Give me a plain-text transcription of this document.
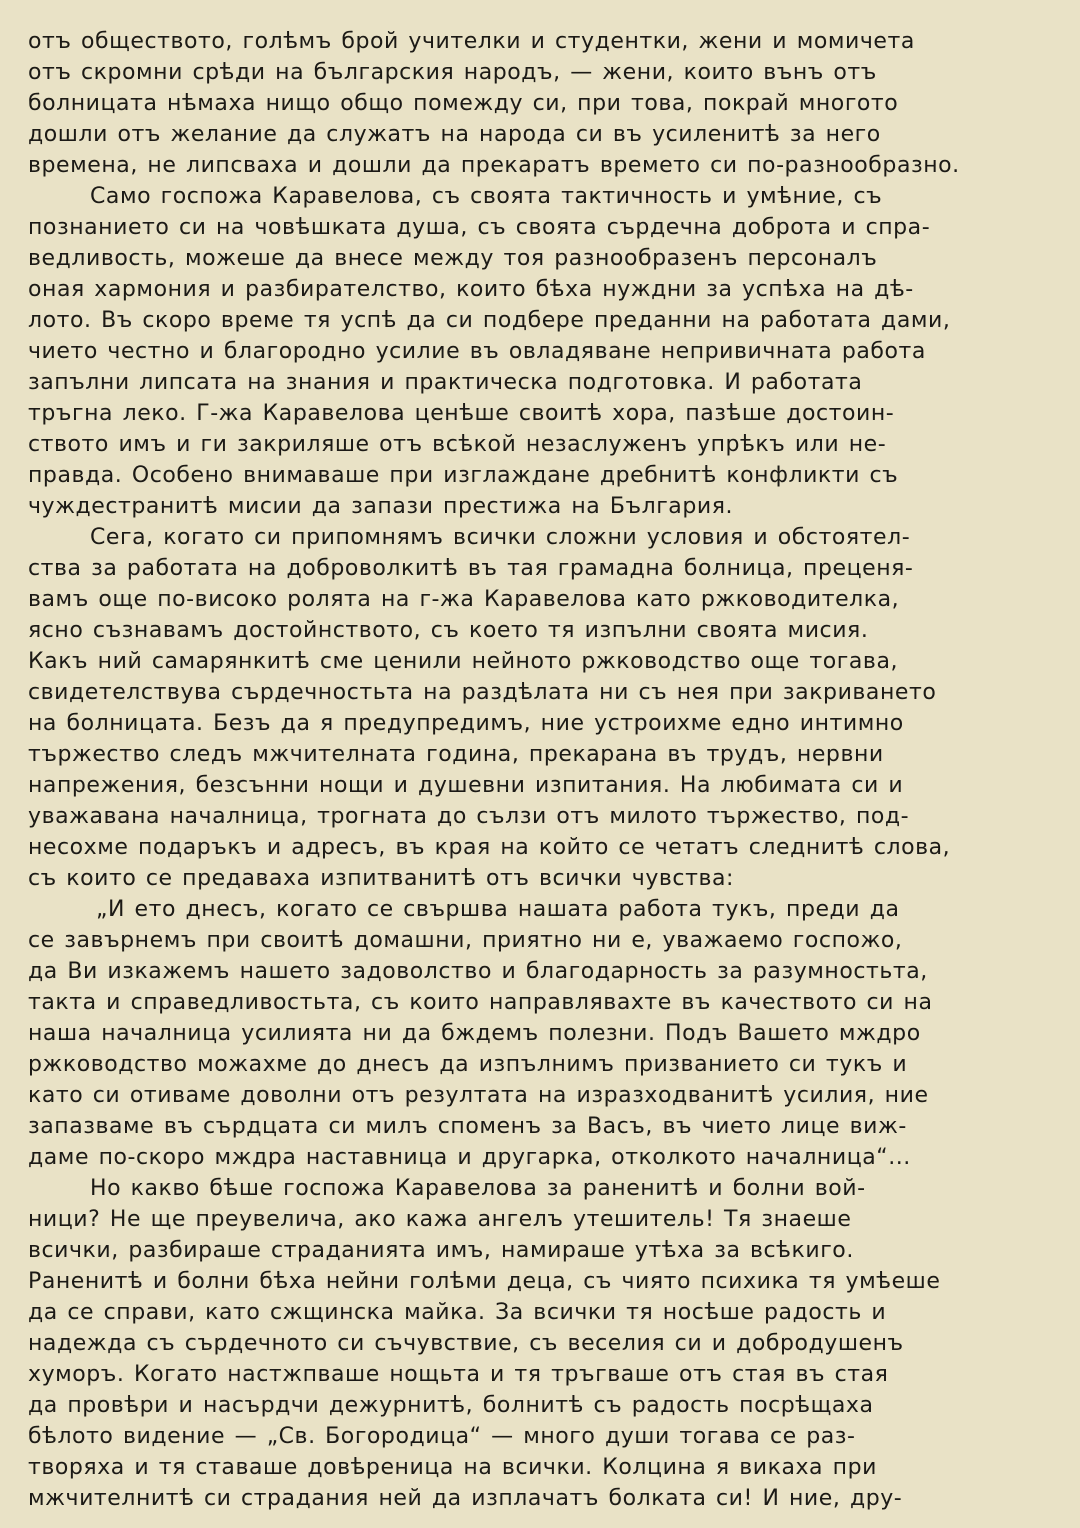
отъ обществото, голѣмъ брой учителки и студентки, жени и момичета
отъ скромни срѣди на българския народъ, — жени, които вънъ отъ
болницата нѣмаха нищо общо помежду си, при това, покрай многото
дошли отъ желание да служатъ на народа си въ усиленитѣ за него
времена, не липсваха и дошли да прекаратъ времето си по-разнообразно.
Само госпожа Каравелова, съ своята тактичность и умѣние, съ
познанието си на човѣшката душа, съ своята сърдечна доброта и спра-
ведливость, можеше да внесе между тоя разнообразенъ персоналъ
оная хармония и разбирателство, които бѣха нуждни за успѣха на дѣ-
лото. Въ скоро време тя успѣ да си подбере преданни на работата дами,
чието честно и благородно усилие въ овладяване непривичната работа
запълни липсата на знания и практическа подготовка. И работата
тръгна леко. Г-жа Каравелова ценѣше своитѣ хора, пазѣше достоин-
ството имъ и ги закриляше отъ всѣкой незаслуженъ упрѣкъ или не-
правда. Особено внимаваше при изглаждане дребнитѣ конфликти съ
чуждестранитѣ мисии да запази престижа на България.
Сега, когато си припомнямъ всички сложни условия и обстоятел-
ства за работата на доброволкитѣ въ тая грамадна болница, преценя-
вамъ още по-високо ролята на г-жа Каравелова като ржководителка,
ясно съзнавамъ достойнството, съ което тя изпълни своята мисия.
Какъ ний самарянкитѣ сме ценили нейното ржководство още тогава,
свидетелствува сърдечностьта на раздѣлата ни съ нея при закриването
на болницата. Безъ да я предупредимъ, ние устроихме едно интимно
тържество следъ мжчителната година, прекарана въ трудъ, нервни
напрежения, безсънни нощи и душевни изпитания. На любимата си и
уважавана началница, трогната до сълзи отъ милото тържество, под-
несохме подаръкъ и адресъ, въ края на който се четатъ следнитѣ слова,
съ които се предаваха изпитванитѣ отъ всички чувства:
„И ето днесъ, когато се свършва нашата работа тукъ, преди да
се завърнемъ при своитѣ домашни, приятно ни е, уважаемо госпожо,
да Ви изкажемъ нашето задоволство и благодарность за разумностьта,
такта и справедливостьта, съ които направлявахте въ качеството си на
наша началница усилията ни да бждемъ полезни. Подъ Вашето мждро
ржководство можахме до днесъ да изпълнимъ призванието си тукъ и
като си отиваме доволни отъ резултата на изразходванитѣ усилия, ние
запазваме въ сърдцата си милъ споменъ за Васъ, въ чието лице виж-
даме по-скоро мждра наставница и другарка, отколкото началница“...
Но какво бѣше госпожа Каравелова за раненитѣ и болни вой-
ници? Не ще преувелича, ако кажа ангелъ утешитель! Тя знаеше
всички, разбираше страданията имъ, намираше утѣха за всѣкиго.
Раненитѣ и болни бѣха нейни голѣми деца, съ чиято психика тя умѣеше
да се справи, като сжщинска майка. За всички тя носѣше радость и
надежда съ сърдечното си съчувствие, съ веселия си и добродушенъ
хуморъ. Когато настжпваше нощьта и тя тръгваше отъ стая въ стая
да провѣри и насърдчи дежурнитѣ, болнитѣ съ радость посрѣщаха
бѣлото видение — „Св. Богородица“ — много души тогава се раз-
творяха и тя ставаше довѣреница на всички. Колцина я викаха при
мжчителнитѣ си страдания ней да изплачатъ болката си! И ние, дру-
